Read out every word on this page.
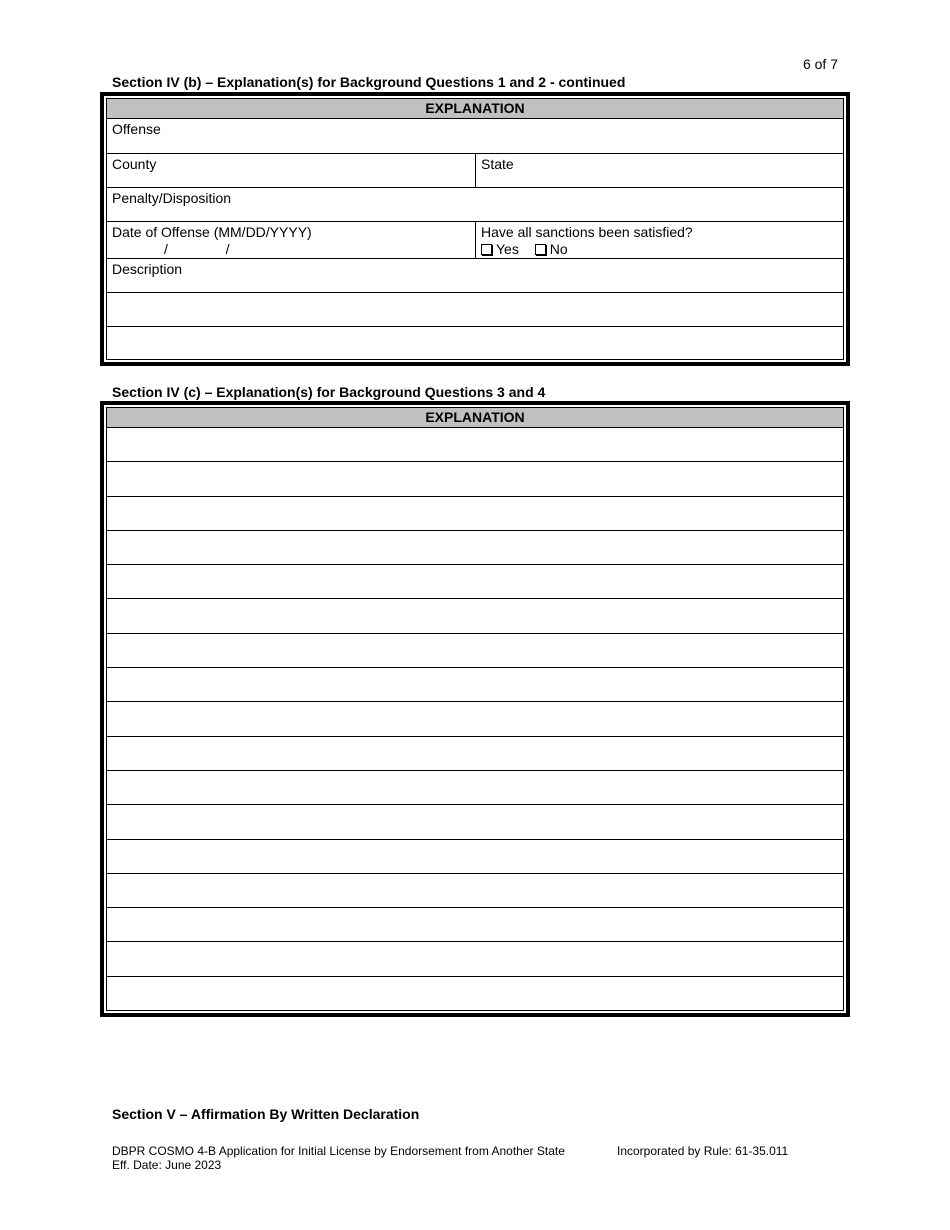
6 of 7
Section IV (b) – Explanation(s) for Background Questions 1 and 2 - continued
EXPLANATION
Offense
County	State
Penalty/Disposition
Date of Offense (MM/DD/YYYY)
/	/
Have all sanctions been satisfied?
Yes No
Description
Section IV (c) – Explanation(s) for Background Questions 3 and 4
EXPLANATION
Section V – Affirmation By Written Declaration
DBPR COSMO 4-B Application for Initial License by Endorsement from Another State
Eff. Date: June 2023
Incorporated by Rule: 61-35.011
